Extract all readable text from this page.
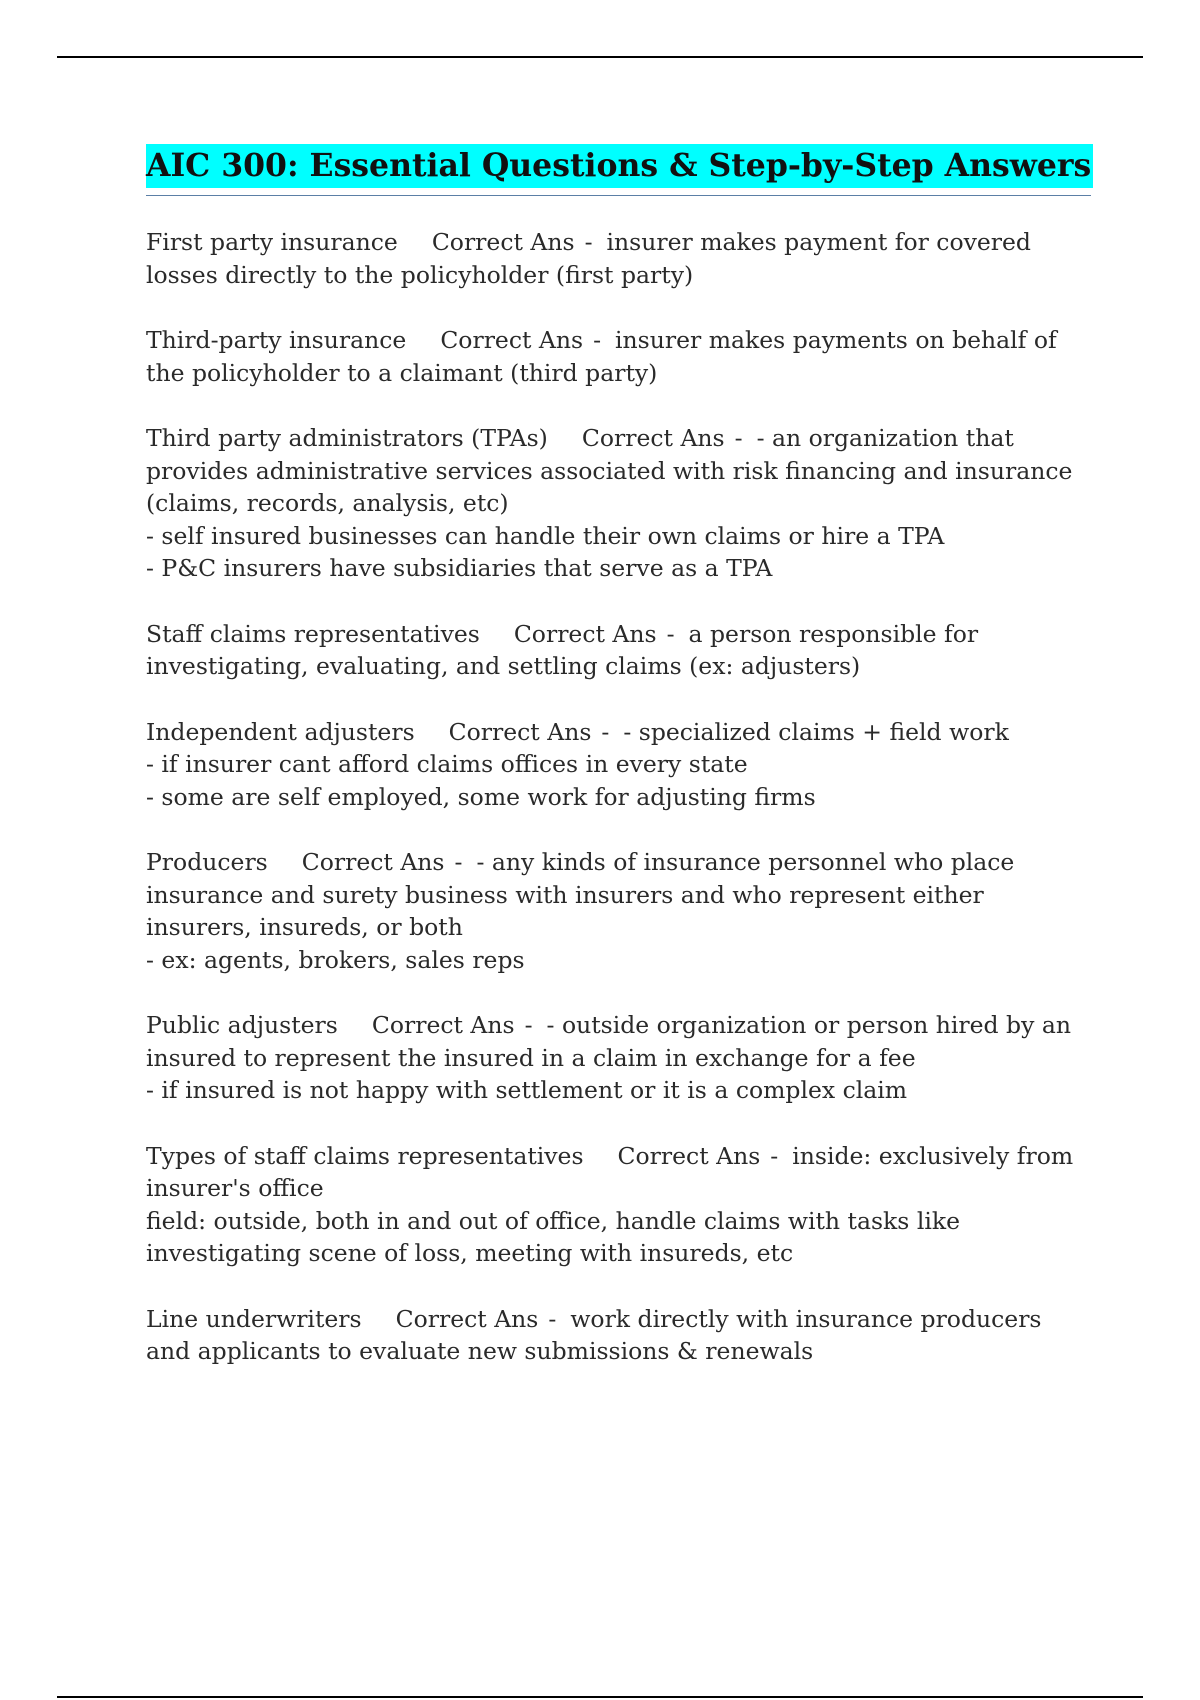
AIC 300: Essential Questions & Step-by-Step Answers
First party insurance Correct Ans - insurer makes payment for covered losses directly to the policyholder (first party)
Third-party insurance Correct Ans - insurer makes payments on behalf of the policyholder to a claimant (third party)
Third party administrators (TPAs) Correct Ans - - an organization that provides administrative services associated with risk financing and insurance (claims, records, analysis, etc)
- self insured businesses can handle their own claims or hire a TPA
- P&C insurers have subsidiaries that serve as a TPA
Staff claims representatives Correct Ans - a person responsible for investigating, evaluating, and settling claims (ex: adjusters)
Independent adjusters Correct Ans - - specialized claims + field work
- if insurer cant afford claims offices in every state
- some are self employed, some work for adjusting firms
Producers Correct Ans - - any kinds of insurance personnel who place insurance and surety business with insurers and who represent either insurers, insureds, or both
- ex: agents, brokers, sales reps
Public adjusters Correct Ans - - outside organization or person hired by an insured to represent the insured in a claim in exchange for a fee
- if insured is not happy with settlement or it is a complex claim
Types of staff claims representatives Correct Ans - inside: exclusively from insurer's office
field: outside, both in and out of office, handle claims with tasks like investigating scene of loss, meeting with insureds, etc
Line underwriters Correct Ans - work directly with insurance producers and applicants to evaluate new submissions & renewals
